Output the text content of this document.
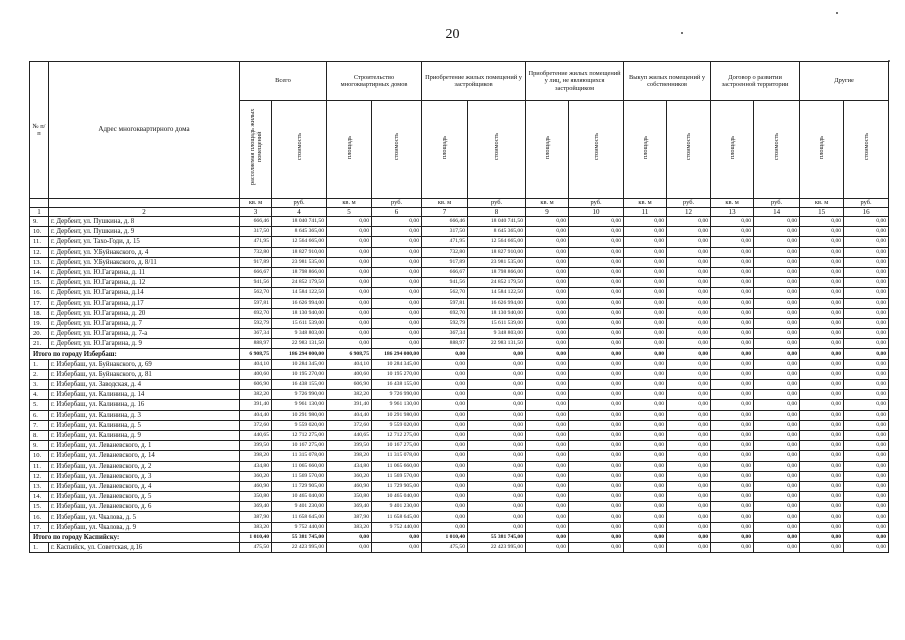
20
№ п/п	Адрес многоквартирного дома	Всего		Строительство многоквартирных домов		Приобретение жилых помещений у застройщиков		Приобретение жилых помещений у лиц, не являющихся застройщиком		Выкуп жилых помещений у собственников		Договор о развитии застроенной территории		Другие	
		расселяемая площадь жилых помещений	стоимость	площадь	стоимость	площадь	стоимость	площадь	стоимость	площадь	стоимость	площадь	стоимость	площадь	стоимость
		кв. м	руб.	кв. м	руб.	кв. м	руб.	кв. м	руб.	кв. м	руб.	кв. м	руб.	кв. м	руб.
1	2	3	4	5	6	7	8	9	10	11	12	13	14	15	16
9.	г. Дербент, ул. Пушкина, д. 8	666,46	18 040 741,50	0,00	0,00	666,46	18 040 741,50	0,00	0,00	0,00	0,00	0,00	0,00	0,00	0,00
10.	г. Дербент, ул. Пушкина, д. 9	317,50	8 645 365,00	0,00	0,00	317,50	8 645 365,00	0,00	0,00	0,00	0,00	0,00	0,00	0,00	0,00
11.	г. Дербент, ул. Тахо-Годи, д. 15	471,95	12 564 665,00	0,00	0,00	471,95	12 564 665,00	0,00	0,00	0,00	0,00	0,00	0,00	0,00	0,00
12.	г. Дербент, ул. У.Буйнакского, д. 4	732,80	18 827 910,00	0,00	0,00	732,80	18 827 910,00	0,00	0,00	0,00	0,00	0,00	0,00	0,00	0,00
13.	г. Дербент, ул. У.Буйнакского, д. 8/11	917,89	23 981 535,00	0,00	0,00	917,89	23 981 535,00	0,00	0,00	0,00	0,00	0,00	0,00	0,00	0,00
14.	г. Дербент, ул. Ю.Гагарина, д. 11	666,67	18 798 866,00	0,00	0,00	666,67	18 798 866,00	0,00	0,00	0,00	0,00	0,00	0,00	0,00	0,00
15.	г. Дербент, ул. Ю.Гагарина, д. 12	941,56	24 852 179,50	0,00	0,00	941,56	24 852 179,50	0,00	0,00	0,00	0,00	0,00	0,00	0,00	0,00
16.	г. Дербент, ул. Ю.Гагарина, д.14	562,70	14 584 122,50	0,00	0,00	562,70	14 584 122,50	0,00	0,00	0,00	0,00	0,00	0,00	0,00	0,00
17.	г. Дербент, ул. Ю.Гагарина, д.17	597,81	16 626 994,00	0,00	0,00	597,81	16 626 994,00	0,00	0,00	0,00	0,00	0,00	0,00	0,00	0,00
18.	г. Дербент, ул. Ю.Гагарина, д. 20	692,70	18 130 940,00	0,00	0,00	692,70	18 130 940,00	0,00	0,00	0,00	0,00	0,00	0,00	0,00	0,00
19.	г. Дербент, ул. Ю.Гагарина, д. 7	592,79	15 611 539,00	0,00	0,00	592,79	15 611 539,00	0,00	0,00	0,00	0,00	0,00	0,00	0,00	0,00
20.	г. Дербент, ул. Ю.Гагарина, д. 7-а	367,34	9 348 803,00	0,00	0,00	367,34	9 348 803,00	0,00	0,00	0,00	0,00	0,00	0,00	0,00	0,00
21.	г. Дербент, ул. Ю.Гагарина, д. 9	888,97	22 983 131,50	0,00	0,00	888,97	22 983 131,50	0,00	0,00	0,00	0,00	0,00	0,00	0,00	0,00
Итого по городу Избербаш:		6 908,75	186 294 000,00	6 908,75	186 294 000,00	0,00	0,00	0,00	0,00	0,00	0,00	0,00	0,00	0,00	0,00
1.	г. Избербаш, ул. Буйнакского, д. 69	404,10	10 284 345,00	404,10	10 284 345,00	0,00	0,00	0,00	0,00	0,00	0,00	0,00	0,00	0,00	0,00
2.	г. Избербаш, ул. Буйнакского, д. 81	400,60	10 195 270,00	400,60	10 195 270,00	0,00	0,00	0,00	0,00	0,00	0,00	0,00	0,00	0,00	0,00
3.	г. Избербаш, ул. Заводская, д. 4	606,90	16 438 155,00	606,90	16 438 155,00	0,00	0,00	0,00	0,00	0,00	0,00	0,00	0,00	0,00	0,00
4.	г. Избербаш, ул. Калинина, д. 14	382,20	9 726 990,00	382,20	9 726 990,00	0,00	0,00	0,00	0,00	0,00	0,00	0,00	0,00	0,00	0,00
5.	г. Избербаш, ул. Калинина, д. 16	391,40	9 961 130,00	391,40	9 961 130,00	0,00	0,00	0,00	0,00	0,00	0,00	0,00	0,00	0,00	0,00
6.	г. Избербаш, ул. Калинина, д. 3	404,40	10 291 980,00	404,40	10 291 980,00	0,00	0,00	0,00	0,00	0,00	0,00	0,00	0,00	0,00	0,00
7.	г. Избербаш, ул. Калинина, д. 5	372,60	9 559 020,00	372,60	9 559 020,00	0,00	0,00	0,00	0,00	0,00	0,00	0,00	0,00	0,00	0,00
8.	г. Избербаш, ул. Калинина, д. 9	440,65	12 712 275,00	440,65	12 712 275,00	0,00	0,00	0,00	0,00	0,00	0,00	0,00	0,00	0,00	0,00
9.	г. Избербаш, ул. Леваневского, д. 1	399,50	10 167 275,00	399,50	10 167 275,00	0,00	0,00	0,00	0,00	0,00	0,00	0,00	0,00	0,00	0,00
10.	г. Избербаш, ул. Леваневского, д. 14	398,20	11 315 078,00	398,20	11 315 078,00	0,00	0,00	0,00	0,00	0,00	0,00	0,00	0,00	0,00	0,00
11.	г. Избербаш, ул. Леваневского, д. 2	434,80	11 065 660,00	434,80	11 065 660,00	0,00	0,00	0,00	0,00	0,00	0,00	0,00	0,00	0,00	0,00
12.	г. Избербаш, ул. Леваневского, д. 3	360,20	11 569 570,00	360,20	11 569 570,00	0,00	0,00	0,00	0,00	0,00	0,00	0,00	0,00	0,00	0,00
13.	г. Избербаш, ул. Леваневского, д. 4	460,90	11 729 905,00	460,90	11 729 905,00	0,00	0,00	0,00	0,00	0,00	0,00	0,00	0,00	0,00	0,00
14.	г. Избербаш, ул. Леваневского, д. 5	350,80	10 465 040,00	350,80	10 465 040,00	0,00	0,00	0,00	0,00	0,00	0,00	0,00	0,00	0,00	0,00
15.	г. Избербаш, ул. Леваневского, д. 6	369,40	9 401 230,00	369,40	9 401 230,00	0,00	0,00	0,00	0,00	0,00	0,00	0,00	0,00	0,00	0,00
16.	г. Избербаш, ул. Чкалова, д. 5	387,90	11 658 645,00	387,90	11 658 645,00	0,00	0,00	0,00	0,00	0,00	0,00	0,00	0,00	0,00	0,00
17.	г. Избербаш, ул. Чкалова, д. 9	383,20	9 752 440,00	383,20	9 752 440,00	0,00	0,00	0,00	0,00	0,00	0,00	0,00	0,00	0,00	0,00
Итого по городу Каспийску:		1 010,40	55 381 745,00	0,00	0,00	1 010,40	55 381 745,00	0,00	0,00	0,00	0,00	0,00	0,00	0,00	0,00
1.	г. Каспийск, ул. Советская, д.16	475,50	22 423 995,00	0,00	0,00	475,50	22 423 995,00	0,00	0,00	0,00	0,00	0,00	0,00	0,00	0,00
